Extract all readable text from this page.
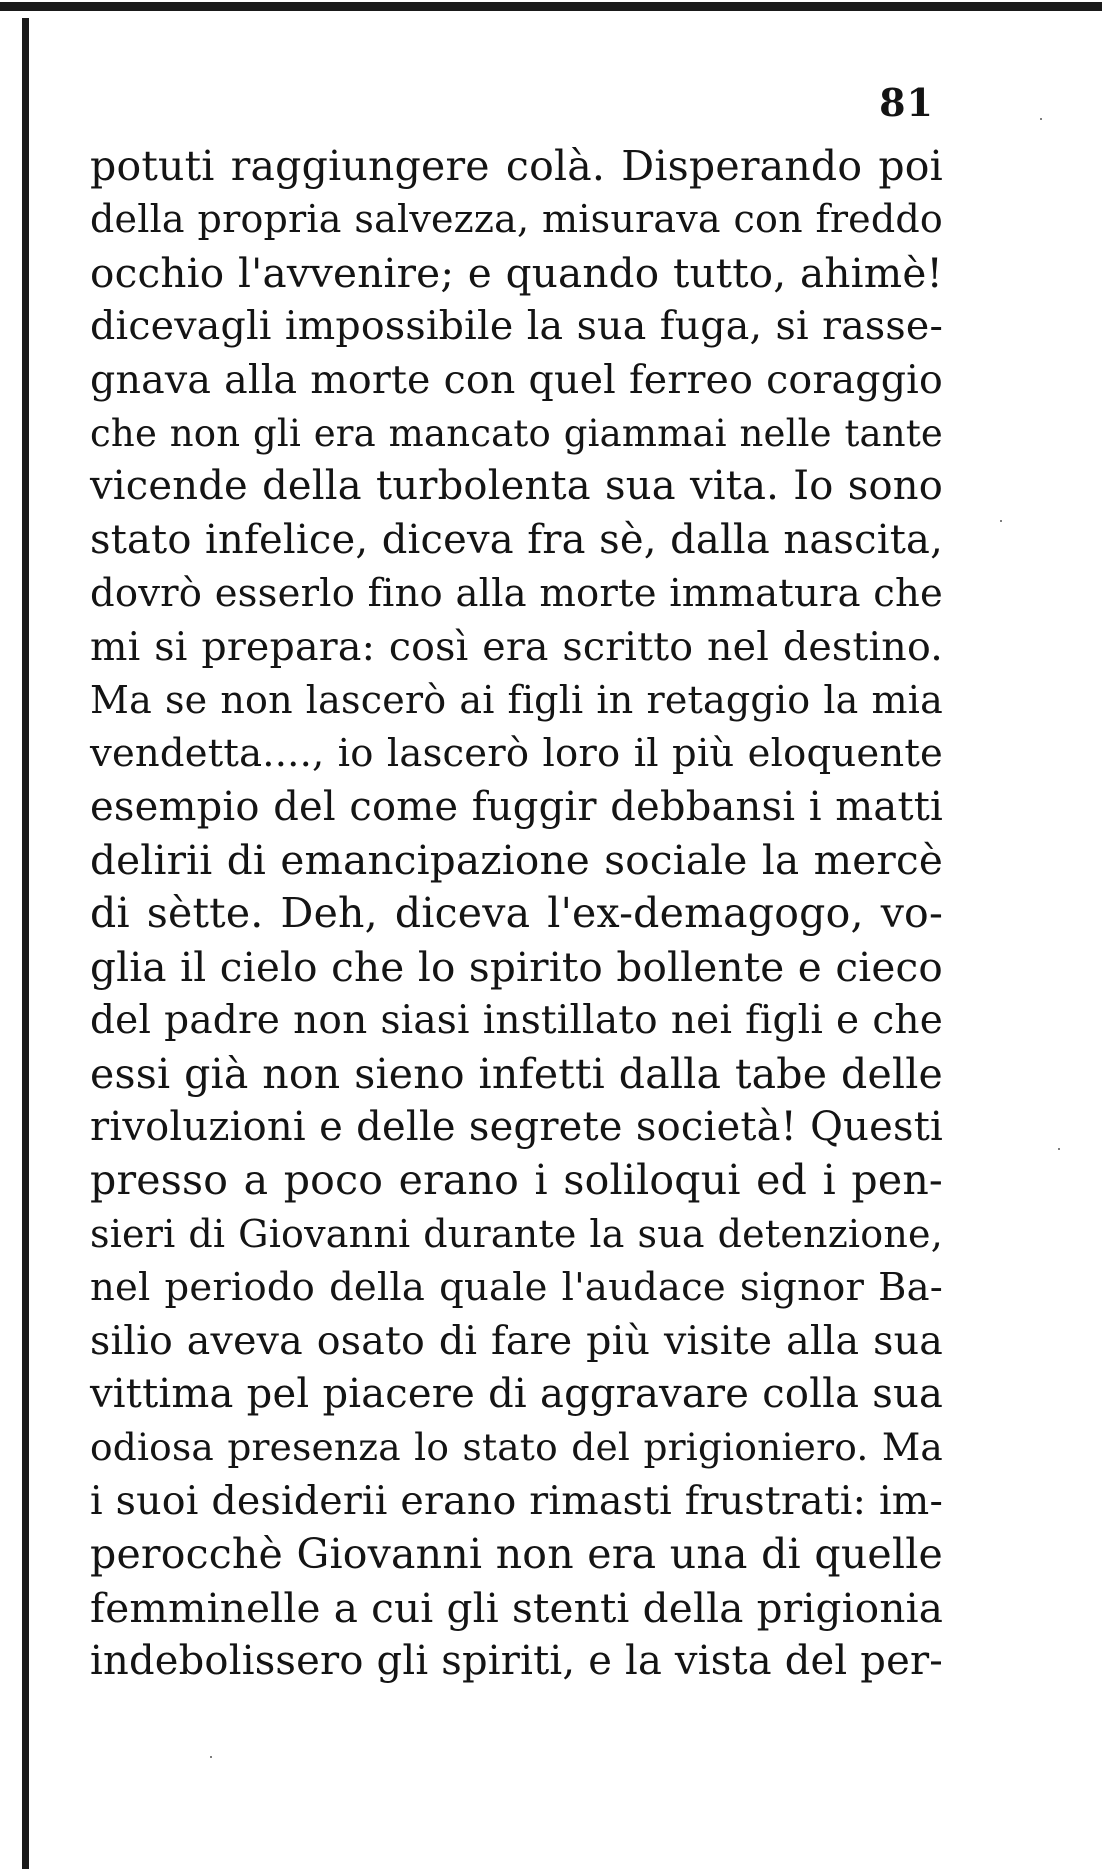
81
potuti raggiungere colà. Disperando poi
della propria salvezza, misurava con freddo
occhio l'avvenire; e quando tutto, ahimè!
dicevagli impossibile la sua fuga, si rasse-
gnava alla morte con quel ferreo coraggio
che non gli era mancato giammai nelle tante
vicende della turbolenta sua vita. Io sono
stato infelice, diceva fra sè, dalla nascita,
dovrò esserlo fino alla morte immatura che
mi si prepara: così era scritto nel destino.
Ma se non lascerò ai figli in retaggio la mia
vendetta...., io lascerò loro il più eloquente
esempio del come fuggir debbansi i matti
delirii di emancipazione sociale la mercè
di sètte. Deh, diceva l'ex-demagogo, vo-
glia il cielo che lo spirito bollente e cieco
del padre non siasi instillato nei figli e che
essi già non sieno infetti dalla tabe delle
rivoluzioni e delle segrete società! Questi
presso a poco erano i soliloqui ed i pen-
sieri di Giovanni durante la sua detenzione,
nel periodo della quale l'audace signor Ba-
silio aveva osato di fare più visite alla sua
vittima pel piacere di aggravare colla sua
odiosa presenza lo stato del prigioniero. Ma
i suoi desiderii erano rimasti frustrati: im-
perocchè Giovanni non era una di quelle
femminelle a cui gli stenti della prigionia
indebolissero gli spiriti, e la vista del per-
